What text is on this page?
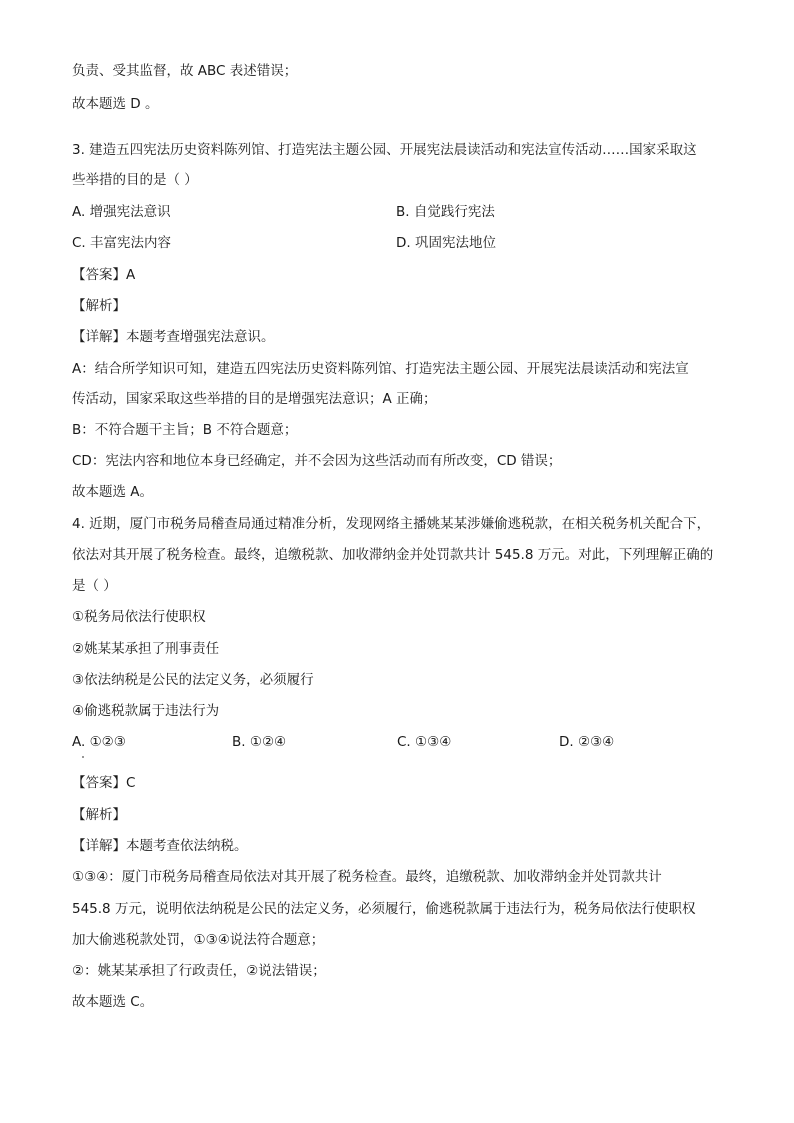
负责、受其监督，故 ABC 表述错误；
故本题选 D 。
3. 建造五四宪法历史资料陈列馆、打造宪法主题公园、开展宪法晨读活动和宪法宣传活动……国家采取这
些举措的目的是（ ）
A. 增强宪法意识	B. 自觉践行宪法
C. 丰富宪法内容	D. 巩固宪法地位
【答案】A
【解析】
【详解】本题考查增强宪法意识。
A：结合所学知识可知，建造五四宪法历史资料陈列馆、打造宪法主题公园、开展宪法晨读活动和宪法宣
传活动，国家采取这些举措的目的是增强宪法意识；A 正确；
B：不符合题干主旨；B 不符合题意；
CD：宪法内容和地位本身已经确定，并不会因为这些活动而有所改变，CD 错误；
故本题选 A。
4. 近期，厦门市税务局稽查局通过精准分析，发现网络主播姚某某涉嫌偷逃税款，在相关税务机关配合下，
依法对其开展了税务检查。最终，追缴税款、加收滞纳金并处罚款共计 545.8 万元。对此，下列理解正确的
是（ ）
①税务局依法行使职权
②姚某某承担了刑事责任
③依法纳税是公民的法定义务，必须履行
④偷逃税款属于违法行为
A. ①②③	B. ①②④	C. ①③④	D. ②③④
【答案】C
【解析】
【详解】本题考查依法纳税。
①③④：厦门市税务局稽查局依法对其开展了税务检查。最终，追缴税款、加收滞纳金并处罚款共计
545.8 万元，说明依法纳税是公民的法定义务，必须履行，偷逃税款属于违法行为，税务局依法行使职权
加大偷逃税款处罚，①③④说法符合题意；
②：姚某某承担了行政责任，②说法错误；
故本题选 C。
